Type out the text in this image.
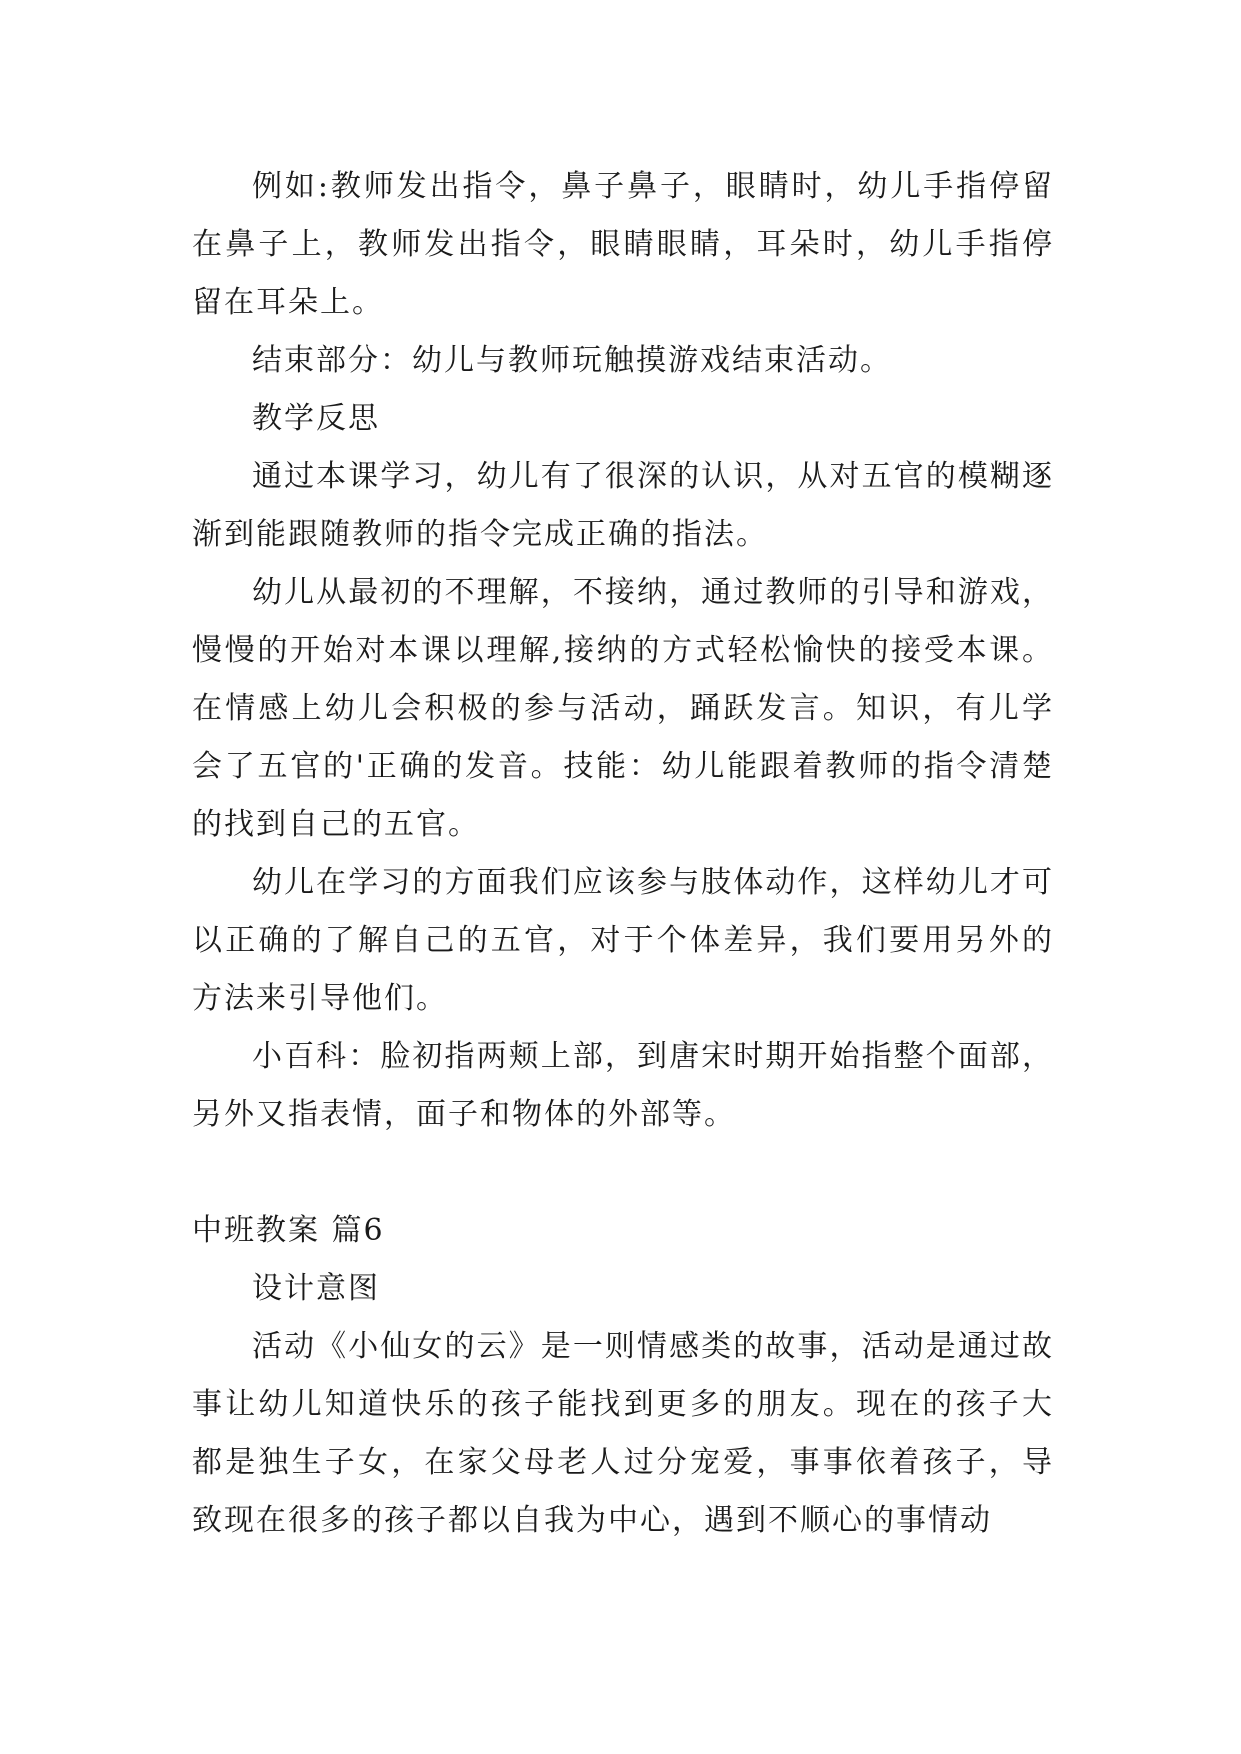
例如:教师发出指令，鼻子鼻子，眼睛时，幼儿手指停留在鼻子上，教师发出指令，眼睛眼睛，耳朵时，幼儿手指停留在耳朵上。

结束部分：幼儿与教师玩触摸游戏结束活动。

教学反思

通过本课学习，幼儿有了很深的认识，从对五官的模糊逐渐到能跟随教师的指令完成正确的指法。

幼儿从最初的不理解，不接纳，通过教师的引导和游戏，慢慢的开始对本课以理解,接纳的方式轻松愉快的接受本课。在情感上幼儿会积极的参与活动，踊跃发言。知识，有儿学会了五官的'正确的发音。技能：幼儿能跟着教师的指令清楚的找到自己的五官。

幼儿在学习的方面我们应该参与肢体动作，这样幼儿才可以正确的了解自己的五官，对于个体差异，我们要用另外的方法来引导他们。

小百科：脸初指两颊上部，到唐宋时期开始指整个面部，另外又指表情，面子和物体的外部等。

中班教案 篇6

设计意图

活动《小仙女的云》是一则情感类的故事，活动是通过故事让幼儿知道快乐的孩子能找到更多的朋友。现在的孩子大都是独生子女，在家父母老人过分宠爱，事事依着孩子，导致现在很多的孩子都以自我为中心，遇到不顺心的事情动
